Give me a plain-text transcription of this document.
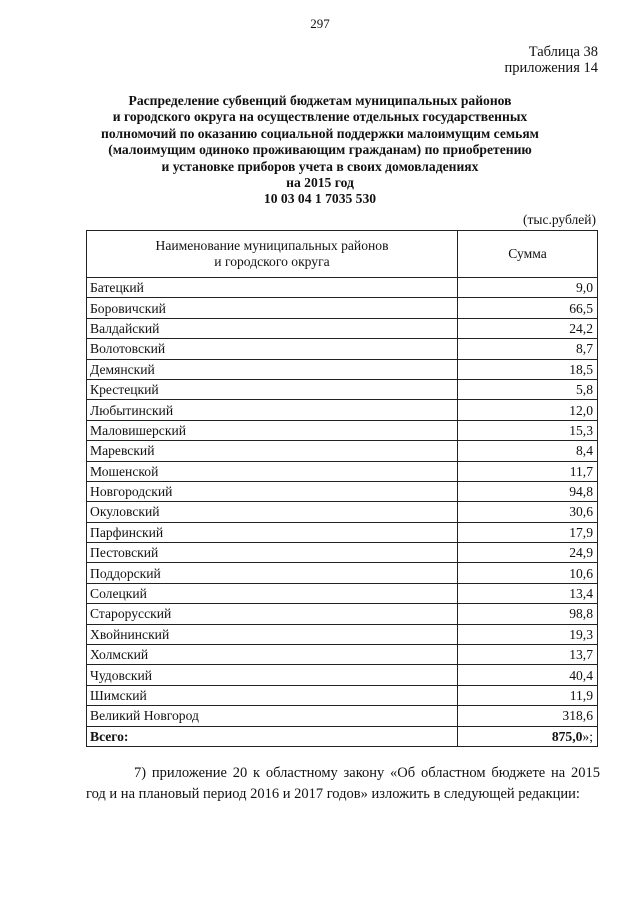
297
Таблица 38
приложения 14
Распределение субвенций бюджетам муниципальных районов
и городского округа на осуществление отдельных государственных
полномочий по оказанию социальной поддержки малоимущим семьям
(малоимущим одиноко проживающим гражданам) по приобретению
и установке приборов учета в своих домовладениях
на 2015 год
10 03 04 1 7035 530
(тыс.рублей)
Наименование муниципальных районов
и городского округа	Сумма
Батецкий	9,0
Боровичский	66,5
Валдайский	24,2
Волотовский	8,7
Демянский	18,5
Крестецкий	5,8
Любытинский	12,0
Маловишерский	15,3
Маревский	8,4
Мошенской	11,7
Новгородский	94,8
Окуловский	30,6
Парфинский	17,9
Пестовский	24,9
Поддорский	10,6
Солецкий	13,4
Старорусский	98,8
Хвойнинский	19,3
Холмский	13,7
Чудовский	40,4
Шимский	11,9
Великий Новгород	318,6
Всего:	875,0»;
7) приложение 20 к областному закону «Об областном бюджете на 2015 год и на плановый период 2016 и 2017 годов» изложить в следующей редакции:
